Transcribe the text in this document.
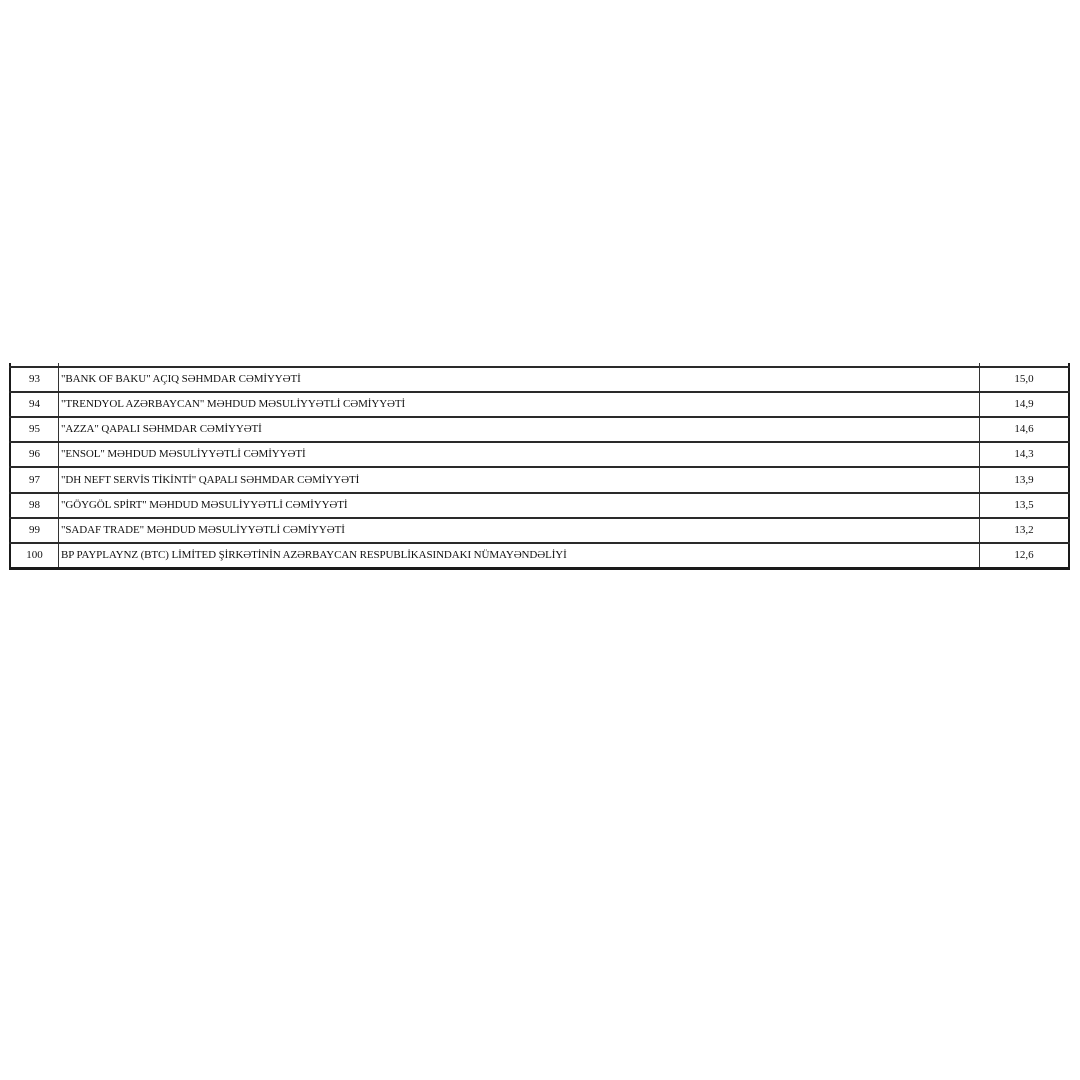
93	"BANK OF BAKU" AÇIQ SƏHMDAR CƏMİYYƏTİ	15,0
94	"TRENDYOL AZƏRBAYCAN" MƏHDUD MƏSULİYYƏTLİ CƏMİYYƏTİ	14,9
95	"AZZA" QAPALI SƏHMDAR CƏMİYYƏTİ	14,6
96	"ENSOL" MƏHDUD MƏSULİYYƏTLİ CƏMİYYƏTİ	14,3
97	"DH NEFT SERVİS TİKİNTİ" QAPALI SƏHMDAR CƏMİYYƏTİ	13,9
98	"GÖYGÖL SPİRT" MƏHDUD MƏSULİYYƏTLİ CƏMİYYƏTİ	13,5
99	"SADAF TRADE" MƏHDUD MƏSULİYYƏTLİ CƏMİYYƏTİ	13,2
100	BP PAYPLAYNZ (BTC) LİMİTED ŞİRKƏTİNİN AZƏRBAYCAN RESPUBLİKASINDAKI NÜMAYƏNDƏLİYİ	12,6
